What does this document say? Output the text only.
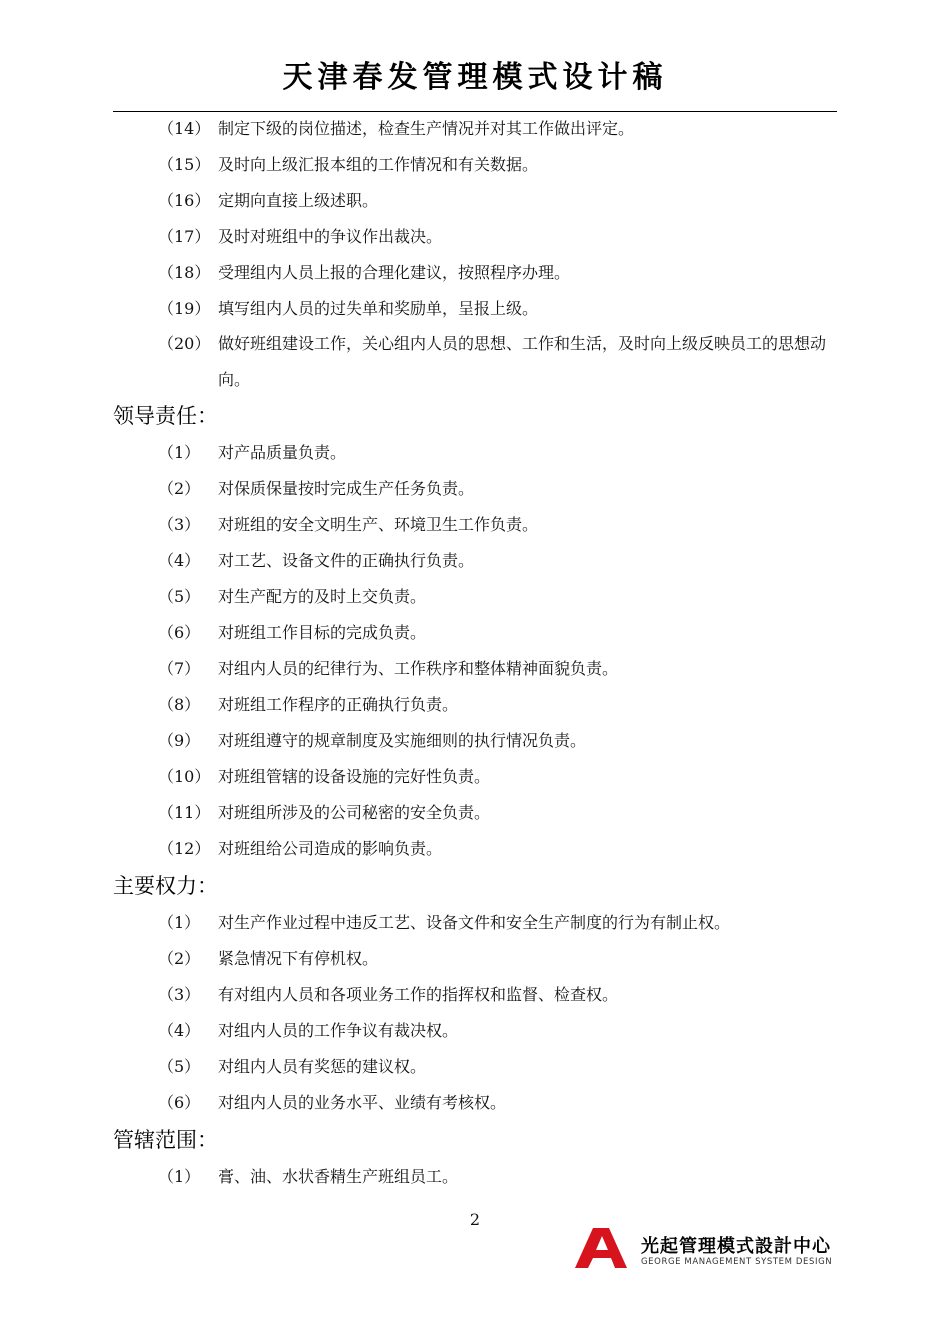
天津春发管理模式设计稿
（14） 制定下级的岗位描述，检查生产情况并对其工作做出评定。
（15） 及时向上级汇报本组的工作情况和有关数据。
（16） 定期向直接上级述职。
（17） 及时对班组中的争议作出裁决。
（18） 受理组内人员上报的合理化建议，按照程序办理。
（19） 填写组内人员的过失单和奖励单，呈报上级。
（20） 做好班组建设工作，关心组内人员的思想、工作和生活，及时向上级反映员工的思想动向。
领导责任：
（1） 对产品质量负责。
（2） 对保质保量按时完成生产任务负责。
（3） 对班组的安全文明生产、环境卫生工作负责。
（4） 对工艺、设备文件的正确执行负责。
（5） 对生产配方的及时上交负责。
（6） 对班组工作目标的完成负责。
（7） 对组内人员的纪律行为、工作秩序和整体精神面貌负责。
（8） 对班组工作程序的正确执行负责。
（9） 对班组遵守的规章制度及实施细则的执行情况负责。
（10） 对班组管辖的设备设施的完好性负责。
（11） 对班组所涉及的公司秘密的安全负责。
（12） 对班组给公司造成的影响负责。
主要权力：
（1） 对生产作业过程中违反工艺、设备文件和安全生产制度的行为有制止权。
（2） 紧急情况下有停机权。
（3） 有对组内人员和各项业务工作的指挥权和监督、检查权。
（4） 对组内人员的工作争议有裁决权。
（5） 对组内人员有奖惩的建议权。
（6） 对组内人员的业务水平、业绩有考核权。
管辖范围：
（1） 膏、油、水状香精生产班组员工。
2
光起管理模式設計中心
GEORGE MANAGEMENT SYSTEM DESIGN
